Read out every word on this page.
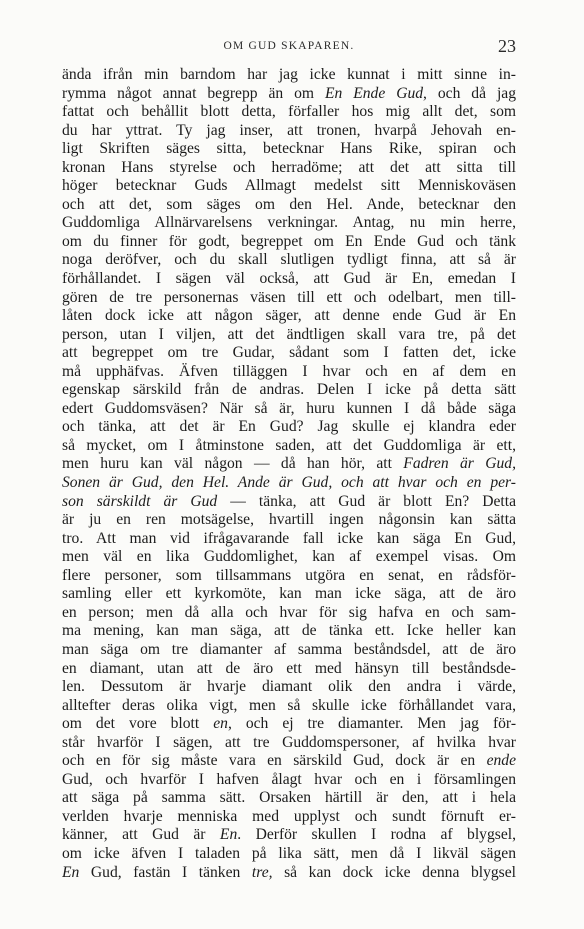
OM GUD SKAPAREN.	23
ända ifrån min barndom har jag icke kunnat i mitt sinne in-
rymma något annat begrepp än om En Ende Gud, och då jag
fattat och behållit blott detta, förfaller hos mig allt det, som
du har yttrat. Ty jag inser, att tronen, hvarpå Jehovah en-
ligt Skriften säges sitta, betecknar Hans Rike, spiran och
kronan Hans styrelse och herradöme; att det att sitta till
höger betecknar Guds Allmagt medelst sitt Menniskoväsen
och att det, som säges om den Hel. Ande, betecknar den
Guddomliga Allnärvarelsens verkningar. Antag, nu min herre,
om du finner för godt, begreppet om En Ende Gud och tänk
noga deröfver, och du skall slutligen tydligt finna, att så är
förhållandet. I sägen väl också, att Gud är En, emedan I
gören de tre personernas väsen till ett och odelbart, men till-
låten dock icke att någon säger, att denne ende Gud är En
person, utan I viljen, att det ändtligen skall vara tre, på det
att begreppet om tre Gudar, sådant som I fatten det, icke
må upphäfvas. Äfven tilläggen I hvar och en af dem en
egenskap särskild från de andras. Delen I icke på detta sätt
edert Guddomsväsen? När så är, huru kunnen I då både säga
och tänka, att det är En Gud? Jag skulle ej klandra eder
så mycket, om I åtminstone saden, att det Guddomliga är ett,
men huru kan väl någon — då han hör, att Fadren är Gud,
Sonen är Gud, den Hel. Ande är Gud, och att hvar och en per-
son särskildt är Gud — tänka, att Gud är blott En? Detta
är ju en ren motsägelse, hvartill ingen någonsin kan sätta
tro. Att man vid ifrågavarande fall icke kan säga En Gud,
men väl en lika Guddomlighet, kan af exempel visas. Om
flere personer, som tillsammans utgöra en senat, en rådsför-
samling eller ett kyrkomöte, kan man icke säga, att de äro
en person; men då alla och hvar för sig hafva en och sam-
ma mening, kan man säga, att de tänka ett. Icke heller kan
man säga om tre diamanter af samma beståndsdel, att de äro
en diamant, utan att de äro ett med hänsyn till beståndsde-
len. Dessutom är hvarje diamant olik den andra i värde,
alltefter deras olika vigt, men så skulle icke förhållandet vara,
om det vore blott en, och ej tre diamanter. Men jag för-
står hvarför I sägen, att tre Guddomspersoner, af hvilka hvar
och en för sig måste vara en särskild Gud, dock är en ende
Gud, och hvarför I hafven ålagt hvar och en i församlingen
att säga på samma sätt. Orsaken härtill är den, att i hela
verlden hvarje menniska med upplyst och sundt förnuft er-
känner, att Gud är En. Derför skullen I rodna af blygsel,
om icke äfven I taladen på lika sätt, men då I likväl sägen
En Gud, fastän I tänken tre, så kan dock icke denna blygsel
